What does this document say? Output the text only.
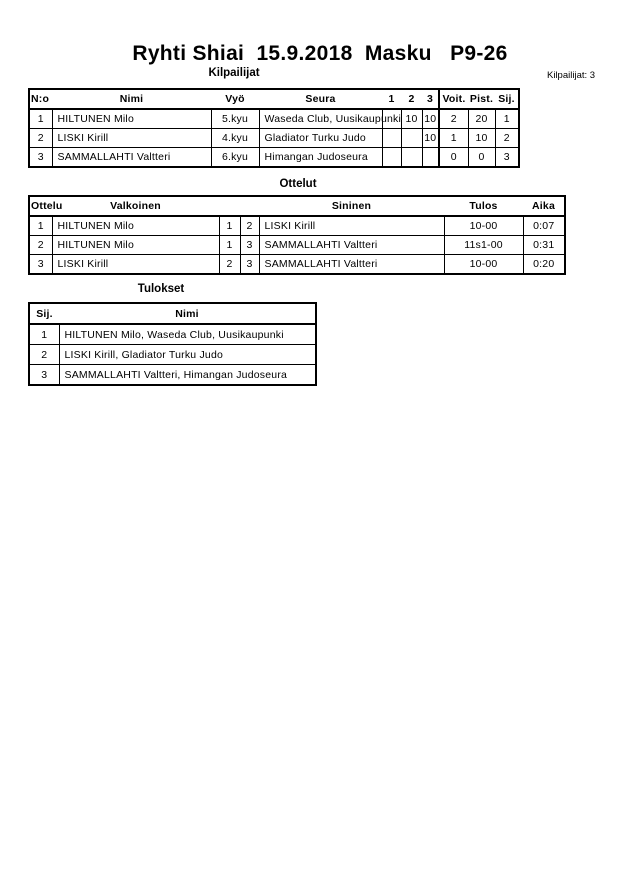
Ryhti Shiai  15.9.2018  Masku   P9-26
Kilpailijat	Kilpailijat: 3
N:o	Nimi	Vyö	Seura	1	2	3	Voit.	Pist.	Sij.
1	HILTUNEN Milo	5.kyu	Waseda Club, Uusikaupunki		10	10	2	20	1
2	LISKI Kirill	4.kyu	Gladiator Turku Judo			10	1	10	2
3	SAMMALLAHTI Valtteri	6.kyu	Himangan Judoseura				0	0	3
Ottelut
Ottelu	Valkoinen			Sininen	Tulos	Aika
1	HILTUNEN Milo	1	2	LISKI Kirill	10-00	0:07
2	HILTUNEN Milo	1	3	SAMMALLAHTI Valtteri	11s1-00	0:31
3	LISKI Kirill	2	3	SAMMALLAHTI Valtteri	10-00	0:20
Tulokset
Sij.	Nimi
1	HILTUNEN Milo, Waseda Club, Uusikaupunki
2	LISKI Kirill, Gladiator Turku Judo
3	SAMMALLAHTI Valtteri, Himangan Judoseura
